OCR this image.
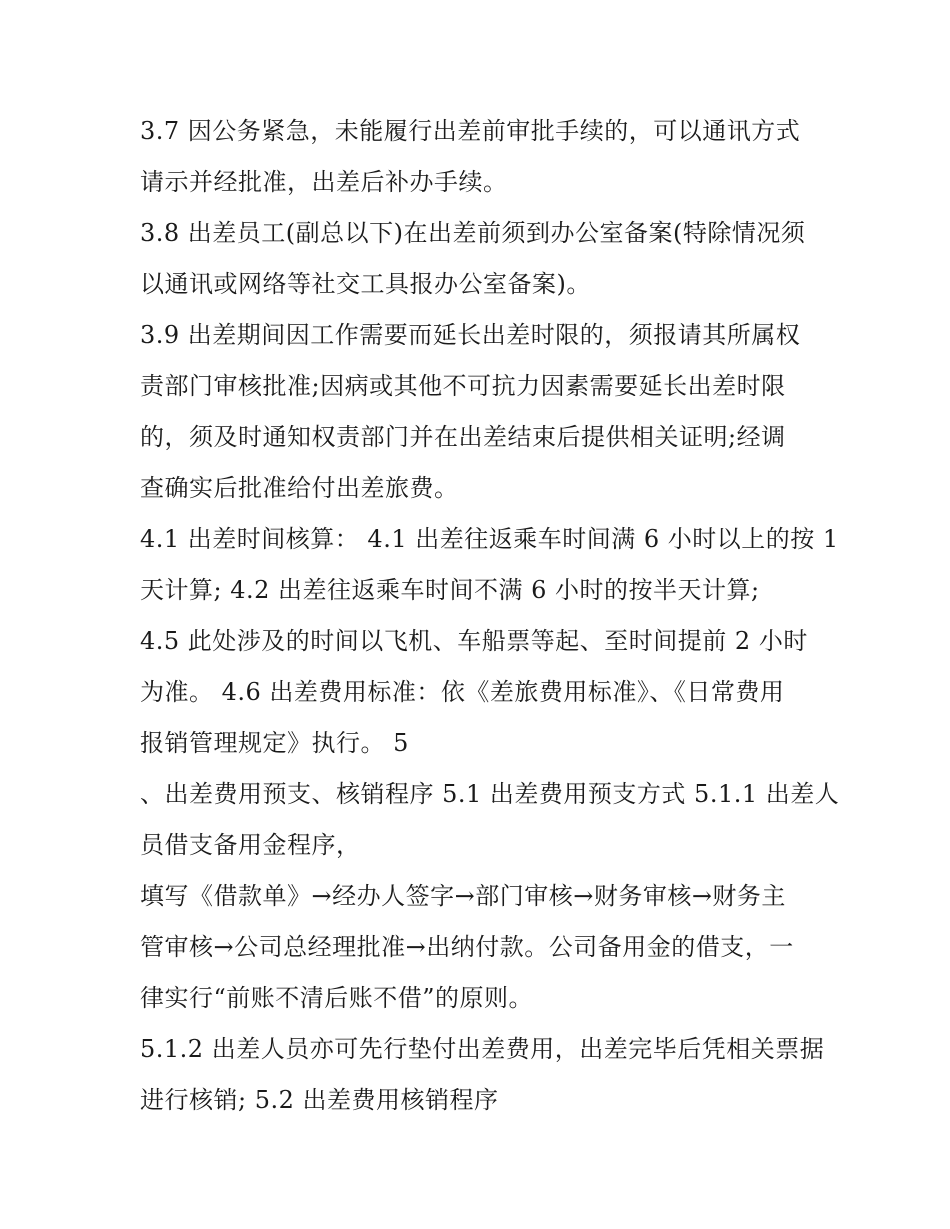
3.7 因公务紧急，未能履行出差前审批手续的，可以通讯方式
请示并经批准，出差后补办手续。
3.8 出差员工(副总以下)在出差前须到办公室备案(特除情况须
以通讯或网络等社交工具报办公室备案)。
3.9 出差期间因工作需要而延长出差时限的，须报请其所属权
责部门审核批准;因病或其他不可抗力因素需要延长出差时限
的，须及时通知权责部门并在出差结束后提供相关证明;经调
查确实后批准给付出差旅费。
4.1 出差时间核算： 4.1 出差往返乘车时间满 6 小时以上的按 1
天计算; 4.2 出差往返乘车时间不满 6 小时的按半天计算;
4.5 此处涉及的时间以飞机、车船票等起、至时间提前 2 小时
为准。 4.6 出差费用标准：依《差旅费用标准》、《日常费用
报销管理规定》执行。 5
、出差费用预支、核销程序 5.1 出差费用预支方式 5.1.1 出差人
员借支备用金程序，
填写《借款单》→经办人签字→部门审核→财务审核→财务主
管审核→公司总经理批准→出纳付款。公司备用金的借支，一
律实行“前账不清后账不借”的原则。
5.1.2 出差人员亦可先行垫付出差费用，出差完毕后凭相关票据
进行核销; 5.2 出差费用核销程序
